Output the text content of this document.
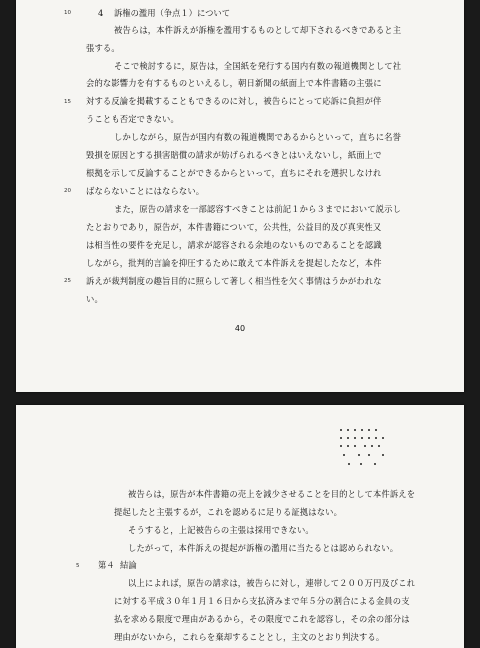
10	4 訴権の濫用（争点１）について
被告らは，本件訴えが訴権を濫用するものとして却下されるべきであると主
張する。
そこで検討するに，原告は，全国紙を発行する国内有数の報道機関として社
会的な影響力を有するものといえるし，朝日新聞の紙面上で本件書籍の主張に
15 対する反論を掲載することもできるのに対し，被告らにとって応訴に負担が伴
うことも否定できない。
しかしながら，原告が国内有数の報道機関であるからといって，直ちに名誉
毀損を原因とする損害賠償の請求が妨げられるべきとはいえないし，紙面上で
根拠を示して反論することができるからといって，直ちにそれを選択しなけれ
20 ばならないことにはならない。
また，原告の請求を一部認容すべきことは前記１から３までにおいて説示し
たとおりであり，原告が，本件書籍について，公共性，公益目的及び真実性又
は相当性の要件を充足し，請求が認容される余地のないものであることを認識
しながら，批判的言論を抑圧するために敢えて本件訴えを提起したなど，本件
25 訴えが裁判制度の趣旨目的に照らして著しく相当性を欠く事情はうかがわれな
い。
40
被告らは，原告が本件書籍の売上を減少させることを目的として本件訴えを
提起したと主張するが，これを認めるに足りる証拠はない。
そうすると，上記被告らの主張は採用できない。
したがって，本件訴えの提起が訴権の濫用に当たるとは認められない。
5 第４ 結論
以上によれば，原告の請求は，被告らに対し，連帯して２００万円及びこれ
に対する平成３０年１月１６日から支払済みまで年５分の割合による金員の支
払を求める限度で理由があるから，その限度でこれを認容し，その余の部分は
理由がないから，これらを棄却することとし，主文のとおり判決する。
